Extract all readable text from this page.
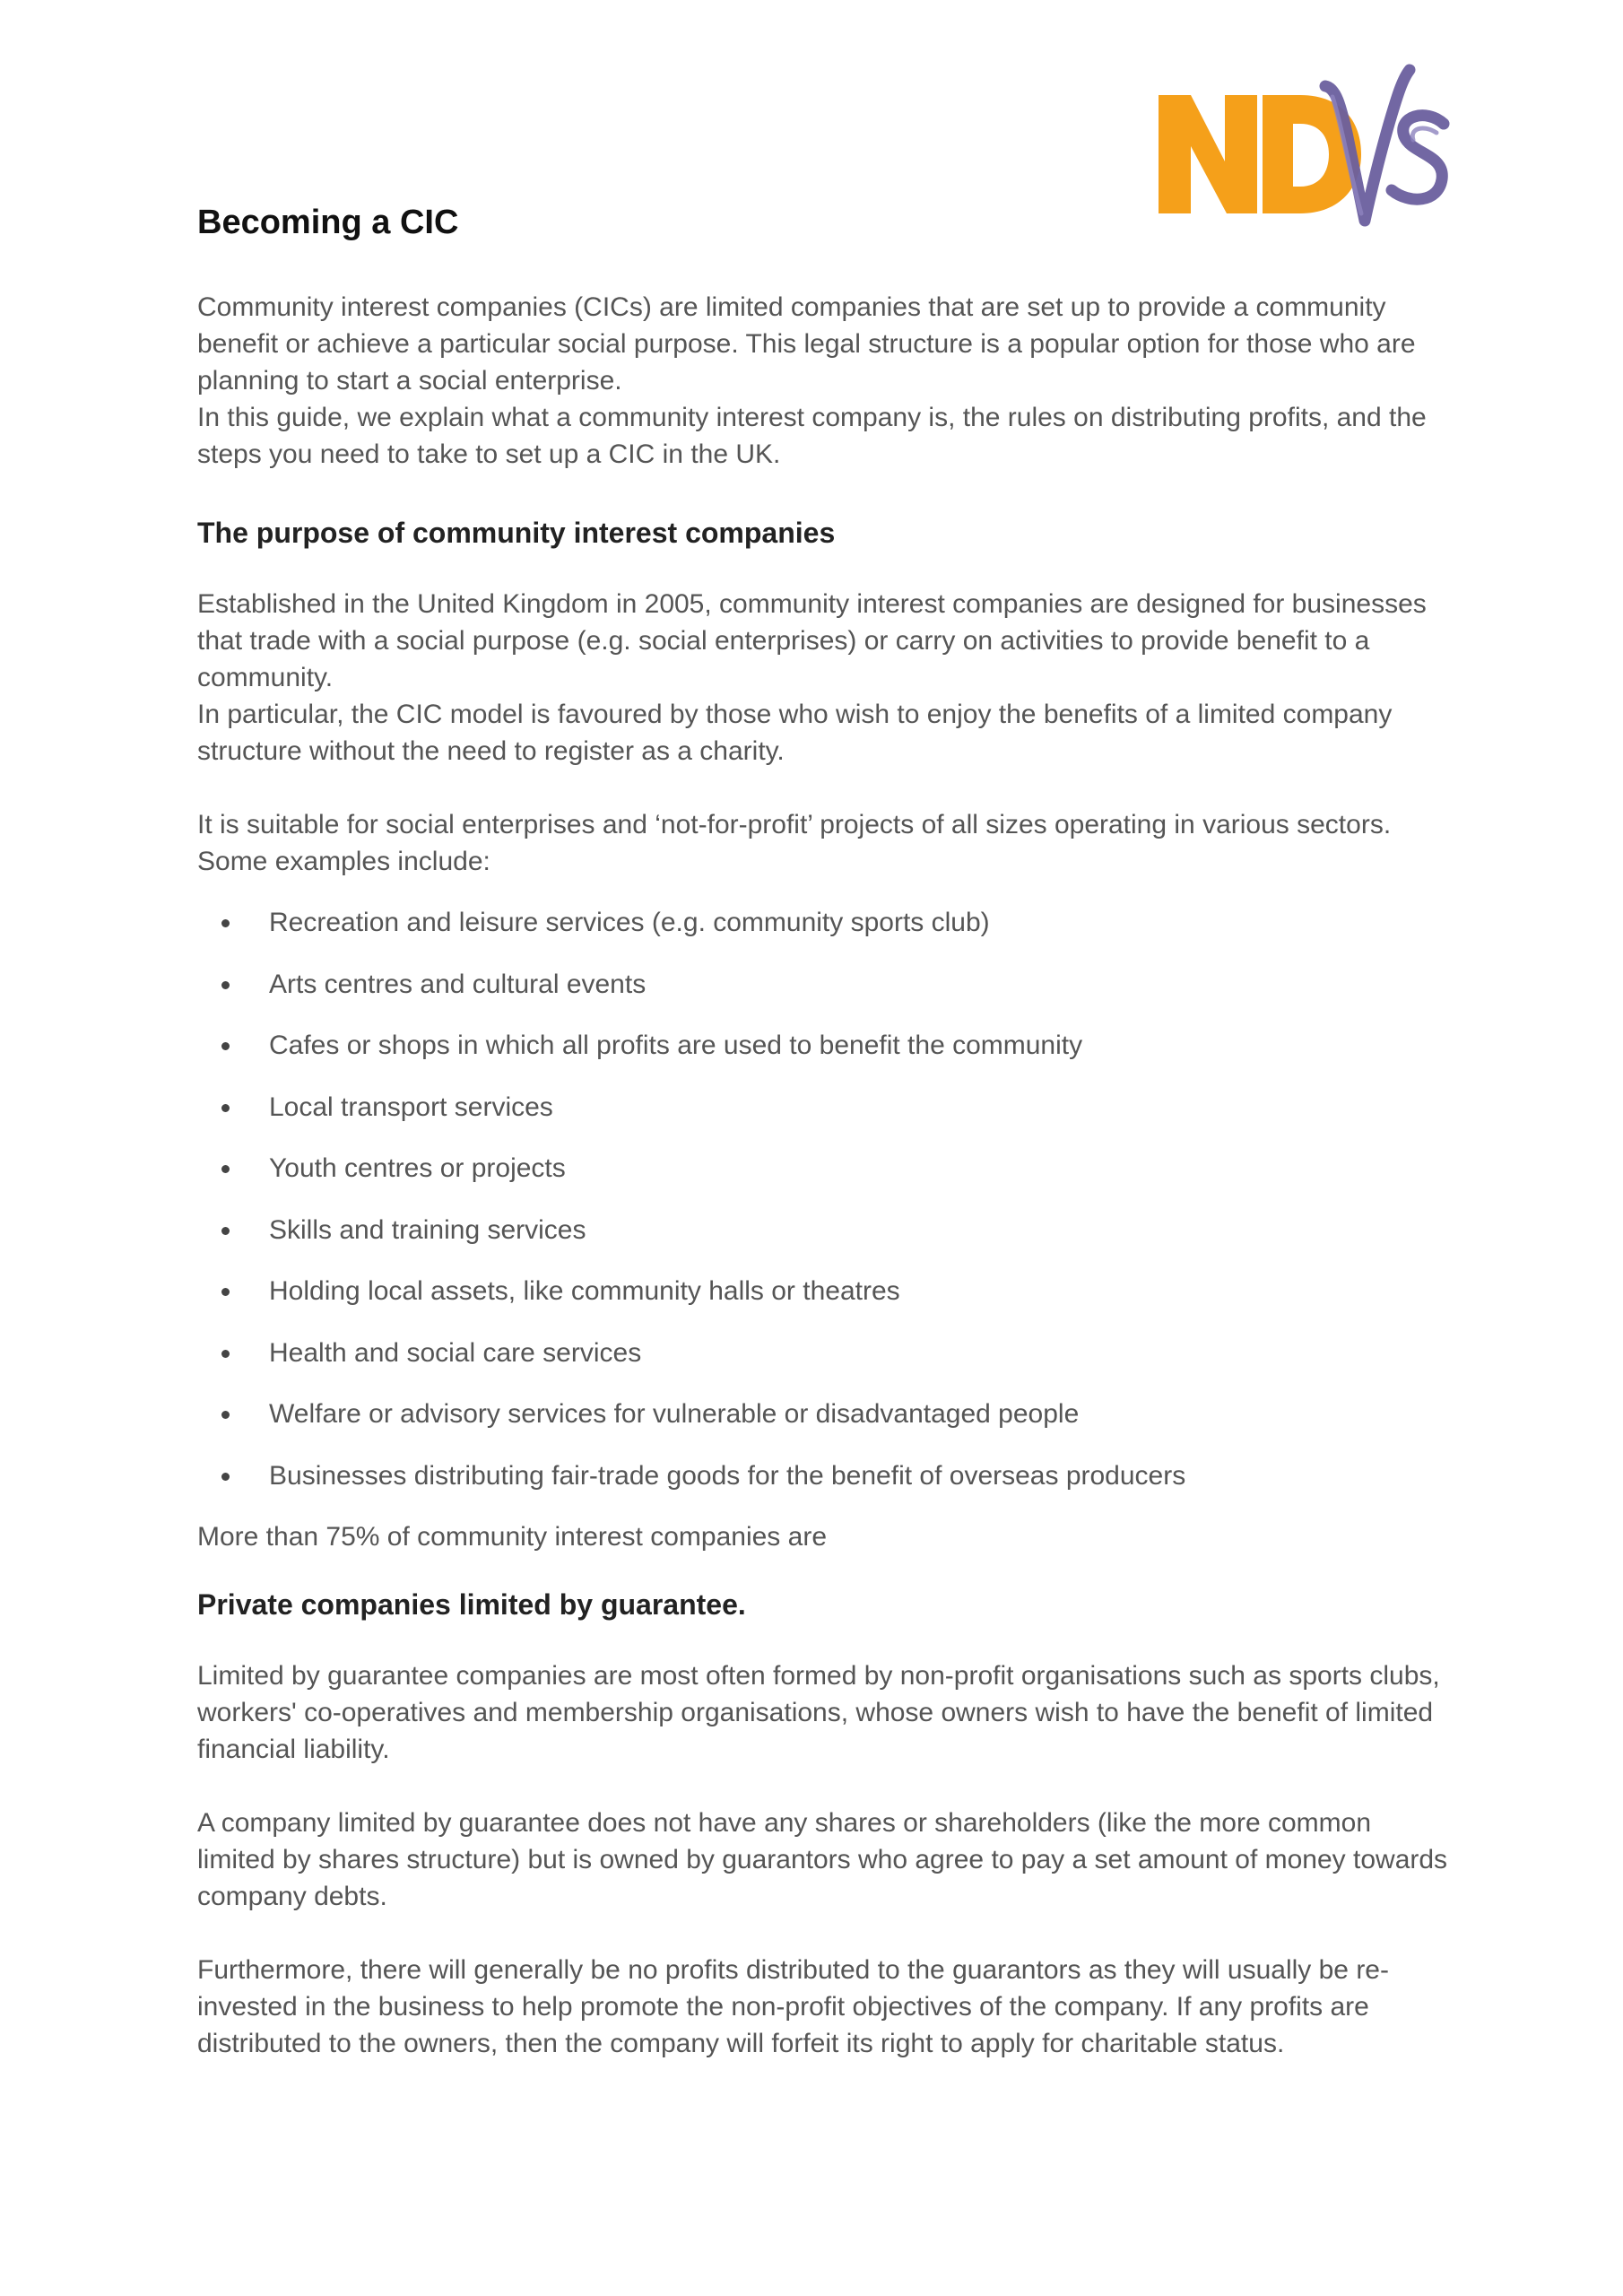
Becoming a CIC

Community interest companies (CICs) are limited companies that are set up to provide a community benefit or achieve a particular social purpose. This legal structure is a popular option for those who are planning to start a social enterprise.

In this guide, we explain what a community interest company is, the rules on distributing profits, and the steps you need to take to set up a CIC in the UK.

The purpose of community interest companies

Established in the United Kingdom in 2005, community interest companies are designed for businesses that trade with a social purpose (e.g. social enterprises) or carry on activities to provide benefit to a community.

In particular, the CIC model is favoured by those who wish to enjoy the benefits of a limited company structure without the need to register as a charity.

It is suitable for social enterprises and ‘not-for-profit’ projects of all sizes operating in various sectors. Some examples include:

Recreation and leisure services (e.g. community sports club)
Arts centres and cultural events
Cafes or shops in which all profits are used to benefit the community
Local transport services
Youth centres or projects
Skills and training services
Holding local assets, like community halls or theatres
Health and social care services
Welfare or advisory services for vulnerable or disadvantaged people
Businesses distributing fair-trade goods for the benefit of overseas producers

More than 75% of community interest companies are

Private companies limited by guarantee.

Limited by guarantee companies are most often formed by non-profit organisations such as sports clubs, workers' co-operatives and membership organisations, whose owners wish to have the benefit of limited financial liability.

A company limited by guarantee does not have any shares or shareholders (like the more common limited by shares structure) but is owned by guarantors who agree to pay a set amount of money towards company debts.

Furthermore, there will generally be no profits distributed to the guarantors as they will usually be re-invested in the business to help promote the non-profit objectives of the company. If any profits are distributed to the owners, then the company will forfeit its right to apply for charitable status.
